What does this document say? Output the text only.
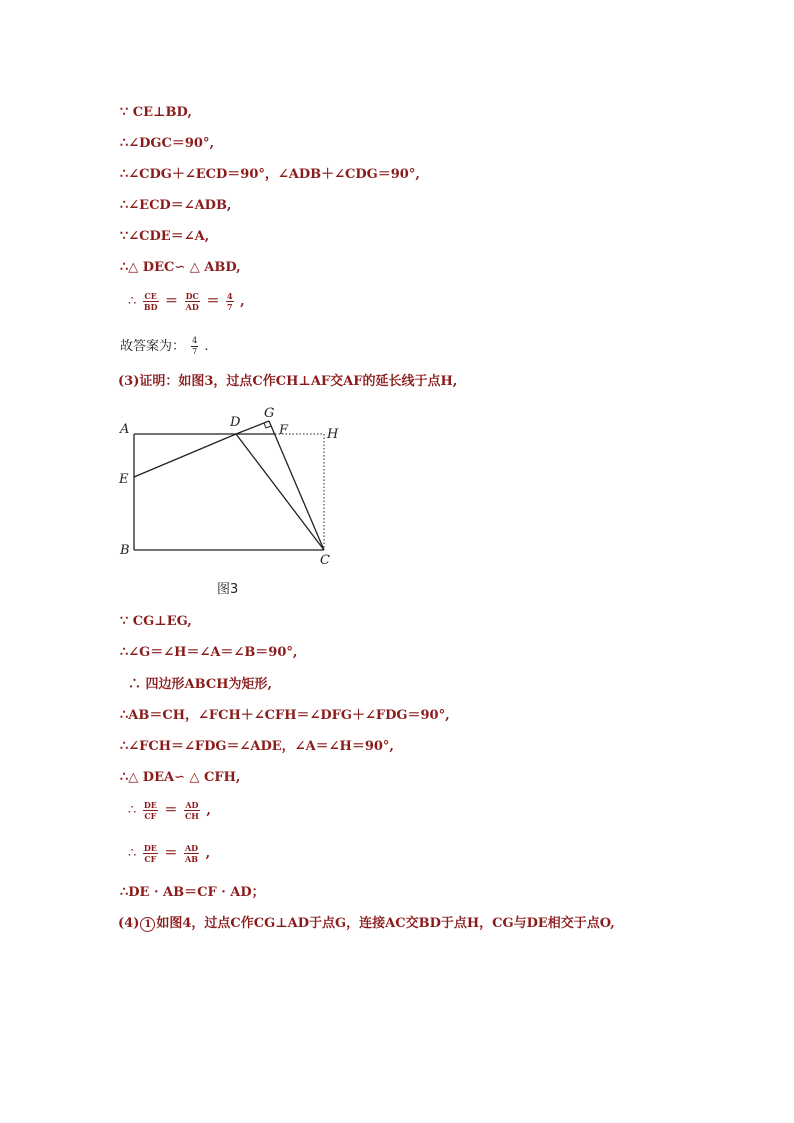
∵ CE⊥BD,
∴∠DGC＝90°,
∴∠CDG＋∠ECD＝90°，∠ADB＋∠CDG＝90°,
∴∠ECD＝∠ADB,
∵∠CDE＝∠A,
∴△ DEC∽ △ ABD,
∴ $\frac{CE}{BD} = \frac{DC}{AD} = \frac{4}{7}$ ,
故答案为： $\frac{4}{7}$ .
(3)证明：如图3，过点C作CH⊥AF交AF的延长线于点H,
A
B
C
D
E
F
G
H
图3
∵ CG⊥EG,
∴∠G＝∠H＝∠A＝∠B＝90°,
∴ 四边形ABCH为矩形,
∴AB＝CH，∠FCH＋∠CFH＝∠DFG＋∠FDG＝90°,
∴∠FCH＝∠FDG＝∠ADE，∠A＝∠H＝90°,
∴△ DEA∽ △ CFH,
∴ $\frac{DE}{CF} = \frac{AD}{CH}$ ,
∴ $\frac{DE}{CF} = \frac{AD}{AB}$ ,
∴DE · AB＝CF · AD；
(4) 1 如图4，过点C作CG⊥AD于点G，连接AC交BD于点H，CG与DE相交于点O,
